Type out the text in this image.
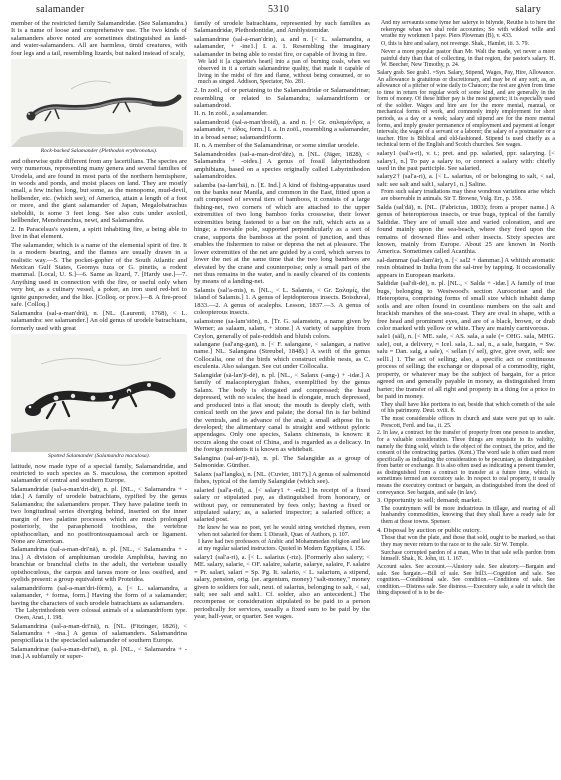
salamander	5310	salary

member of the restricted family Salamandridæ. (See Salamandra.) It is a name of loose and comprehensive use. The two kinds of salamanders above noted are sometimes distinguished as land- and water-salamanders. All are harmless, timid creatures, with four legs and a tail, resembling lizards, but naked instead of scaly,

Rock-backed Salamander (Plethodon erythronotus).

and otherwise quite different from any lacertilians. The species are very numerous, representing many genera and several families of Urodela, and are found in most parts of the northern hemisphere, in woods and ponds, and moist places on land. They are mostly small, a few inches long, but some, as the menopome, mud-devil, hellbender, etc. (which see), of America, attain a length of a foot or more, and the giant salamander of Japan, Megalobatrachus sieboldii, is some 3 feet long. See also cuts under axolotl, hellbender, Menobranchus, newt, and Salamandra.

2. In Paracelsus's system, a spirit inhabiting fire, a being able to live in that element.

The salamander, which is a name of the elemental spirit of fire. It is a modern bearing, and the flames are usually drawn in a realistic way.—5. The pocket-gopher of the South Atlantic and Mexican Gulf States, Geomys tuza or G. pinetis, a rodent mammal. [Local, U. S.]—6. Same as lizard, 7. [Hardy use.]—7. Anything used in connection with the fire, or useful only when very hot, as a culinary vessel, a poker, an iron used red-hot to ignite gunpowder, and the like. [Colloq. or prov.]—8. A fire-proof safe. [Colloq.]

Salamandra (sal-a-man′drä), n. [NL. (Laurenti, 1768), < L. salamandra: see salamander.] An old genus of urodele batrachians, formerly used with great

Spotted Salamander (Salamandra maculosa).

latitude, now made type of a special family, Salamandridæ, and restricted to such species as S. maculosa, the common spotted salamander of central and southern Europe.

Salamandridæ (sal-a-man′dri-dē), n. pl. [NL., < Salamandra + -idæ.] A family of urodele batrachians, typified by the genus Salamandra; the salamanders proper. They have palatine teeth in two longitudinal series diverging behind, inserted on the inner margin of two palatine processes which are much prolonged posteriorly, the parasphenoid toothless, the vertebræ opisthocœlian, and no postfrontosquamosal arch or ligament. None are American.

Salamandrina (sal-a-man-drī′nä), n. pl. [NL., < Salamandra + -ina.] A division of amphiuman urodele Amphibia, having no branchiæ or branchial clefts in the adult, the vertebræ usually opisthocœlous, the carpus and tarsus more or less ossified, and eyelids present: a group equivalent with Proteidea.

salamandriform (sal-a-man′dri-fôrm), a. [< L. salamandra, a salamander, + forma, form.] Having the form of a salamander; having the characters of such urodele batrachians as salamanders.

The Labyrinthodonts were colossal animals of a salamandriform type. Owen, Anat., I. 198.

Salamandrina (sal-a-man-drī′nä), n. [NL. (Fitzinger, 1826), < Salamandra + -ina.] A genus of salamanders. Salamandrina perspicillata is the spectacled salamander of southern Europe.

Salamandrinæ (sal-a-man-dri′nē), n. pl. [NL., < Salamandra + -inæ.] A subfamily or super-

family of urodele batrachians, represented by such families as Salamandridæ, Plethodontidæ, and Amblystomidæ.

salamandrine (sal-a-man′drin), a. and n. [< L. salamandra, a salamander, + -ine1.] I. a. 1. Resembling the imaginary salamander in being able to resist fire, or capable of living in fire.

We laid it [a cigarette's heart] into a pan of burning coals, when we observed in it a certain salamandrine quality, that made it capable of living in the midst of fire and flame, without being consumed, or so much as singed. Addison, Spectator, No. 281.

2. In zoöl., of or pertaining to the Salamandridæ or Salamandrinæ; resembling or related to Salamandra; salamandriform or salamandroid.

II. n. In zoöl., a salamander.

salamandroid (sal-a-man′droid), a. and n. [< Gr. σαλαμάνδρα, a salamander, + εἶδος, form.] I. a. In zoöl., resembling a salamander, in a broad sense; salamandriform.

II. n. A member of the Salamandrinæ, or some similar urodele.

Salamandroides (sal-a-man-droi′dēz), n. [NL. (Jäger, 1828), < Salamandra + -oides.] A genus of fossil labyrinthodont amphibians, based on a species originally called Labyrinthodon salamandroides.

salamba (sa-lam′bä), n. [E. Ind.] A kind of fishing-apparatus used on the banks near Manila, and common in the East, fitted upon a raft composed of several tiers of bamboos, it consists of a large fishing-net, two corners of which are attached to the upper extremities of two long bamboo forks crosswise, their lower extremities being fastened to a bar on the raft, which acts as a hinge; a movable pole, supported perpendicularly as a sort of crane, supports the bamboos at the point of junction, and thus enables the fishermen to raise or depress the net at pleasure. The lower extremities of the net are guided by a cord, which serves to lower the net at the same time that the two long bamboos are elevated by the crane and counterpoise; only a small part of the net thus remains in the water, and is easily cleared of its contents by means of a landing-net.

Salamis (sal′a-mis), n. [NL., < L. Salamis, < Gr. Σαλαμίς, the island of Salamis.] 1. A genus of lepidopterous insects. Boisduval, 1833.—2. A genus of acalephs. Lesson, 1837.—3. A genus of coleopterous insects.

salamstone (sa-lam′stōn), n. [Tr. G. salamstein, a name given by Werner; as salaam, salam, + stone.] A variety of sapphire from Ceylon, generally of pale-reddish and bluish colors.

salangane (sal′ang-gan), n. [< F. salangane, < salangan, a native name.] NL. Salangana (Streubel, 1848).] A swift of the genus Collocalia, one of the birds which construct edible nests, as C. esculenta. Also salangan. See cut under Collocalia.

Salangidæ (sā-lan′ji-dē), n. pl. [NL., < Salanx (-ang-) + -idæ.] A family of malacopterygian fishes, exemplified by the genus Salanx. The body is elongated and compressed; the head depressed, with no scales; the head is elongate, much depressed, and produced into a flat snout; the mouth is deeply cleft, with conical teeth on the jaws and palate; the dorsal fin is far behind the ventrals, and in advance of the anal; a small adipose fin is developed; the alimentary canal is straight and without pyloric appendages. Only one species, Salanx chinensis, is known: it occurs along the coast of China, and is regarded as a delicacy. In the foreign residents it is known as whitebait.

Salangina (sal-an′ji-nä), n. pl. The Salangidæ as a group of Salmonidæ. Günther.

Salanx (sal′langks), n. [NL. (Cuvier, 1817).] A genus of salmonoid fishes, typical of the family Salangidæ (which see).

salaried (sal′a-rid), a. [< salary1 + -ed2.] In receipt of a fixed salary or stipulated pay, as distinguished from honorary, or without pay, or remunerated by fees only; having a fixed or stipulated salary; as, a salaried inspector; a salaried office; a salaried post.

He knew he was no poet, yet he would string wretched rhymes, even when not salaried for them. I. Disraeli, Quar. of Authors, p. 107.

I have had two professors of Arabic and Mohammedan religion and law at my regular salaried instructors. Quoted in Modern Egyptians, I. 156.

salary1 (sal′a-ri), a. [< L. salarius (-riz). [Formerly also salery; < ME. salary, salarie, < OF. salaire, salarie, salarye, salaire, F. salaire = Pr. salari, salari = Sp. Pg. It. salario, < L. salarium, a stipend, salary, pension, orig. (se. argentum, money) "salt-money," money given to soldiers for salt, neut. of salarius, belonging to salt, < sal, salt; see salt and salt1. Cf. solder, also an antecedent.] The recompense or consideration stipulated to be paid to a person periodically for services, usually a fixed sum to be paid by the year, half-year, or quarter. See wages.

And my servaunts some tyme her salerye to bilynde, Reuthe is to here the rekenynge whan we shal rede accountes; So with wikked wille and wrathe my workmen I paye. Piers Plowman (B), v. 433.

O, this is hire and salary, not revenge. Shak., Hamlet, iii. 3. 79.

Never a more popular pastor than Mr. Walt the made, yet never a more painful duty than that of collecting, in that region, the pastor's salary. H. W. Beecher, New Timothy, p. 24.

Salary grab. See grab1. =Syn. Salary, Stipend, Wages, Pay, Hire, Allowance. An allowance is gratuitous or discretionary, and may be of any sort; as, an allowance of a pitcher of wine daily to Chaucer; the rest are given from time to time in return for regular work of some kind, and are generally in the form of money. Of these hither pay is the most generic; it is especially used of the soldier. Wages and hire are for the more menial, manual, or mechanical forms of work, and commonly imply employment for short periods, as a day or a week; salary and stipend are for the more mental forms, and imply greater permanence of employment and payment at longer intervals; the wages of a servant or a laborer; the salary of a postmaster or a teacher. Hire is Biblical and old-fashioned. Stipend is used chiefly as a technical term of the English and Scotch churches. See wages.

salary1 (sal′a-ri), v. t.; pret. and pp. salaried, ppr. salarying. [< salary1, n.] To pay a salary to, or connect a salary with: chiefly used in the past participle. See salaried.

salary2† (sal′a-ri), a. [< L. salarius, of or belonging to salt, < sal, salt: see salt and salt1, salary1, n.] Saline.

From such salary irradiations may these wondrous variations arise which are observable in animals. Sir T. Browne, Vulg. Err., p. 358.

Salda (sal′dä), n. [NL. (Fabricius, 1803); from a proper name.] A genus of heteropterous insects, or true bugs, typical of the family Saldidæ. They are of small size and varied coloration, and are found mainly upon the sea-beach, where they feed upon the remains of drowned flies and other insects. Sixty species are known, mainly from Europe. About 25 are known in North America. Sometimes called Acanthia.

sal-dammar (sal-dam′är), n. [< sal2 + dammar.] A whitish aromatic resin obtained in India from the sal-tree by tapping. It occasionally appears in European markets.

Saldidæ (sal′di-dē), n. pl. [NL., < Salda + -idæ.] A family of true bugs, belonging to Westwood's section Aurocorisæ and the Heteroptera, comprising forms of small size which inhabit damp soils and are often found in countless numbers on the salt and brackish marshes of the sea-coast. They are oval in shape, with a free head and prominent eyes, and are of a black, brown, or drab color marked with yellow or white. They are mainly carnivorous.

sale1 (sāl), n. [< ME. sale, < AS. sala, a sale (= OHG. sala, MHG. sale), out, a delivery, = Icel. sala, L. sal, n., a sale, bargain, = Sw. salu = Dan. salg, a sale), < sellan (√ sel), give, give over, sell: see sell1.] 1. The act of selling; also, a specific act or continuous process of selling; the exchange or disposal of a commodity, right, property, or whatever may be the subject of bargain, for a price agreed on and generally payable in money, as distinguished from barter; the transfer of all right and property in a thing for a price to be paid in money.

They shall have like portions to eat, beside that which cometh of the sale of his patrimony. Deut. xviii. 8.

The most considerable offices in church and state were put up to sale. Prescott, Ferd. and Isa., ii. 25.

2. In law, a contract for the transfer of property from one person to another, for a valuable consideration. Three things are requisite to its validity, namely the thing sold, which is the object of the contract, the price, and the consent of the contracting parties. (Kent.) The word sale is often used more specifically as indicating the consideration to be pecuniary, as distinguished from barter or exchange. It is also often used as indicating a present transfer, as distinguished from a contract to transfer at a future time, which is sometimes termed an executory sale. In respect to real property, it usually means the executory contract or bargain, as distinguished from the deed of conveyance. See bargain, and sale (in law).

3. Opportunity to sell; demand; market.

The countrymen will be more industrious in tillage, and rearing of all husbandry commodities, knowing that they shall have a ready sale for them at those towns. Spenser.

4. Disposal by auction or public outcry.

Those that won the plate, and those that sold, ought to be marked, so that they may never return to the race or to the sale. Sir W. Temple.

Surchase corrupted pardon of a man, Who in that sale sells pardon from himself. Shak., K. John, iii. 1. 167.

Account sales. See account.—Alustory sale. See aleatory.—Bargain and sale. See bargain.—Bill of sale. See bill3.—Cognition and sale. See cognition.—Conditional sale. See condition.—Conditions of sale. See condition.—Distress sale. See distress.—Executory sale, a sale in which the thing disposed of is to be de-
